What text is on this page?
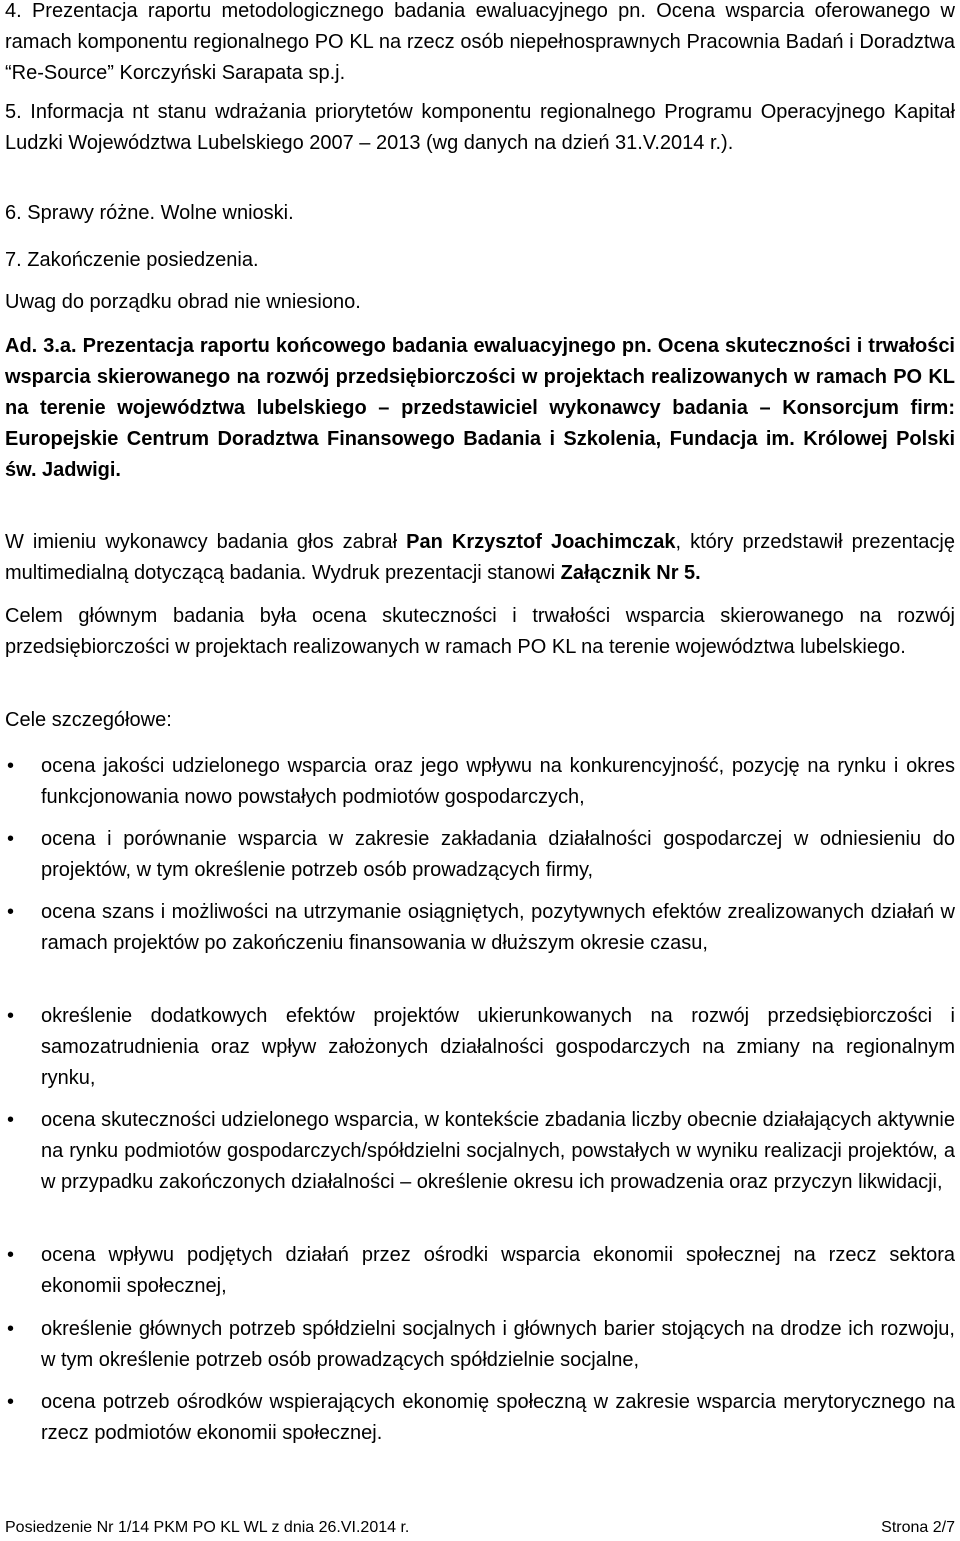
4. Prezentacja raportu metodologicznego badania ewaluacyjnego pn. Ocena wsparcia oferowanego w ramach komponentu regionalnego PO KL na rzecz osób niepełnosprawnych Pracownia Badań i Doradztwa “Re-Source” Korczyński Sarapata sp.j.

5. Informacja nt stanu wdrażania priorytetów komponentu regionalnego Programu Operacyjnego Kapitał Ludzki Województwa Lubelskiego 2007 – 2013 (wg danych na dzień 31.V.2014 r.).

6. Sprawy różne. Wolne wnioski.

7. Zakończenie posiedzenia.

Uwag do porządku obrad nie wniesiono.

Ad. 3.a. Prezentacja raportu końcowego badania ewaluacyjnego pn. Ocena skuteczności i trwałości wsparcia skierowanego na rozwój przedsiębiorczości w projektach realizowanych w ramach PO KL na terenie województwa lubelskiego – przedstawiciel wykonawcy badania – Konsorcjum firm: Europejskie Centrum Doradztwa Finansowego Badania i Szkolenia, Fundacja im. Królowej Polski św. Jadwigi.

W imieniu wykonawcy badania głos zabrał Pan Krzysztof Joachimczak, który przedstawił prezentację multimedialną dotyczącą badania. Wydruk prezentacji stanowi Załącznik Nr 5.

Celem głównym badania była ocena skuteczności i trwałości wsparcia skierowanego na rozwój przedsiębiorczości w projektach realizowanych w ramach PO KL na terenie województwa lubelskiego.

Cele szczegółowe:

•	ocena jakości udzielonego wsparcia oraz jego wpływu na konkurencyjność, pozycję na rynku i okres funkcjonowania nowo powstałych podmiotów gospodarczych,
•	ocena i porównanie wsparcia w zakresie zakładania działalności gospodarczej w odniesieniu do projektów, w tym określenie potrzeb osób prowadzących firmy,
•	ocena szans i możliwości na utrzymanie osiągniętych, pozytywnych efektów zrealizowanych działań w ramach projektów po zakończeniu finansowania w dłuższym okresie czasu,
•	określenie dodatkowych efektów projektów ukierunkowanych na rozwój przedsiębiorczości i samozatrudnienia oraz wpływ założonych działalności gospodarczych na zmiany na regionalnym rynku,
•	ocena skuteczności udzielonego wsparcia, w kontekście zbadania liczby obecnie działających aktywnie na rynku podmiotów gospodarczych/spółdzielni socjalnych, powstałych w wyniku realizacji projektów, a w przypadku zakończonych działalności – określenie okresu ich prowadzenia oraz przyczyn likwidacji,
•	ocena wpływu podjętych działań przez ośrodki wsparcia ekonomii społecznej na rzecz sektora ekonomii społecznej,
•	określenie głównych potrzeb spółdzielni socjalnych i głównych barier stojących na drodze ich rozwoju, w tym określenie potrzeb osób prowadzących spółdzielnie socjalne,
•	ocena potrzeb ośrodków wspierających ekonomię społeczną w zakresie wsparcia merytorycznego na rzecz podmiotów ekonomii społecznej.
Posiedzenie Nr 1/14 PKM PO KL WL z dnia 26.VI.2014 r.	Strona 2/7
